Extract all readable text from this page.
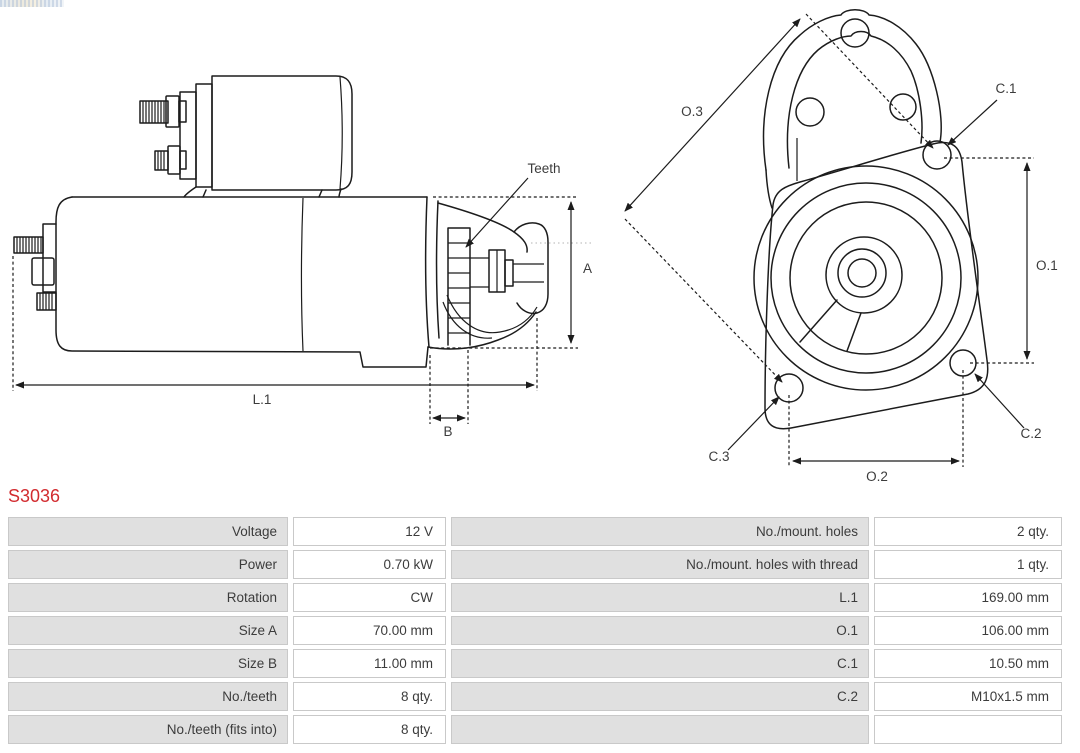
Teeth
A
L.1
B
O.3
C.1
O.1
C.2
C.3
O.2
S3036
Voltage	12 V	No./mount. holes	2 qty.
Power	0.70 kW	No./mount. holes with thread	1 qty.
Rotation	CW	L.1	169.00 mm
Size A	70.00 mm	O.1	106.00 mm
Size B	11.00 mm	C.1	10.50 mm
No./teeth	8 qty.	C.2	M10x1.5 mm
No./teeth (fits into)	8 qty.
